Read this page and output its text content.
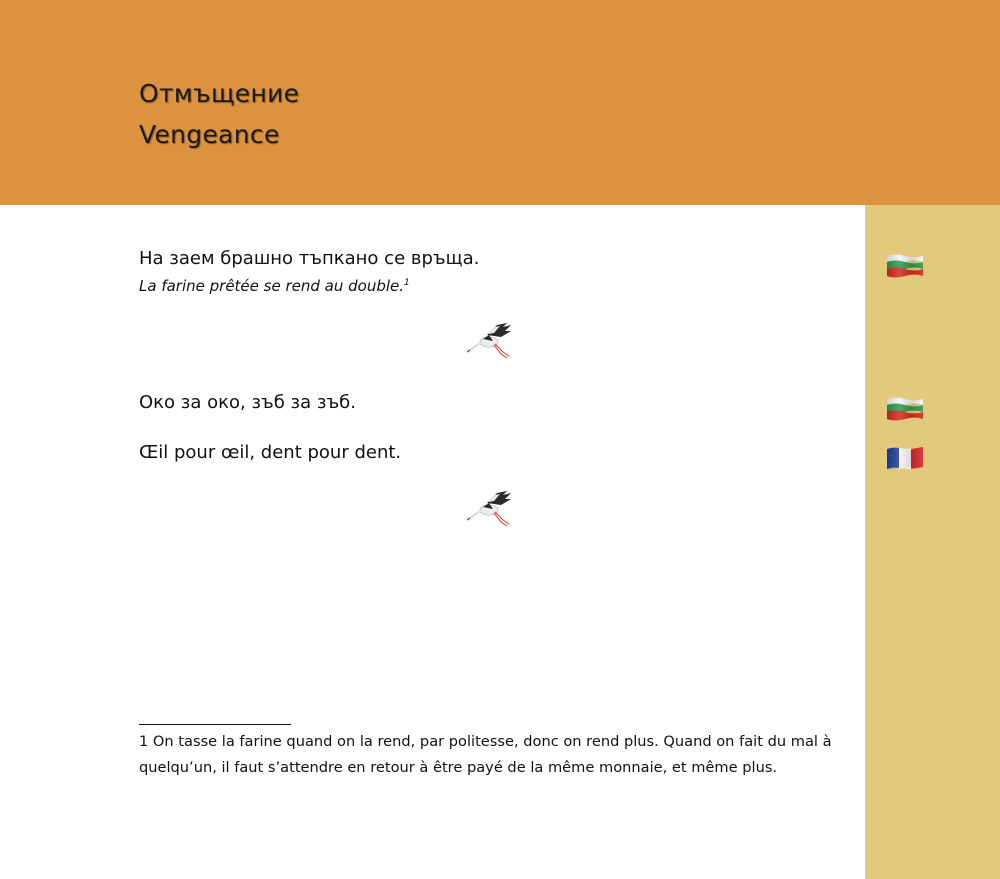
Отмъщение
Vengeance
На заем брашно тъпкано се връща.
La farine prêtée se rend au double.$^1$
Око за око, зъб за зъб.
Œil pour œil, dent pour dent.
1 On tasse la farine quand on la rend, par politesse, donc on rend plus. Quand on fait du mal à quelqu’un, il faut s’attendre en retour à être payé de la même monnaie, et même plus.
